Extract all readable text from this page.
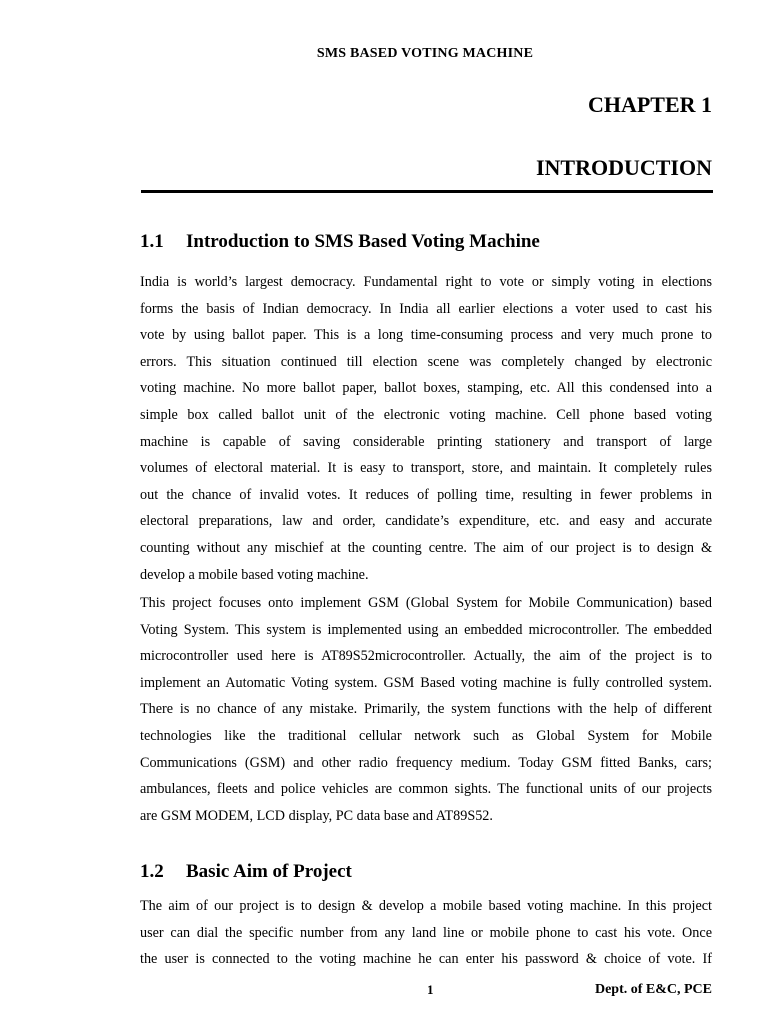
SMS BASED VOTING MACHINE
CHAPTER 1
INTRODUCTION
1.1 Introduction to SMS Based Voting Machine
India is world’s largest democracy. Fundamental right to vote or simply voting in elections
forms the basis of Indian democracy. In India all earlier elections a voter used to cast his
vote by using ballot paper. This is a long time-consuming process and very much prone to
errors. This situation continued till election scene was completely changed by electronic
voting machine. No more ballot paper, ballot boxes, stamping, etc. All this condensed into a
simple box called ballot unit of the electronic voting machine. Cell phone based voting
machine is capable of saving considerable printing stationery and transport of large
volumes of electoral material. It is easy to transport, store, and maintain. It completely rules
out the chance of invalid votes. It reduces of polling time, resulting in fewer problems in
electoral preparations, law and order, candidate’s expenditure, etc. and easy and accurate
counting without any mischief at the counting centre. The aim of our project is to design &
develop a mobile based voting machine.
This project focuses onto implement GSM (Global System for Mobile Communication) based
Voting System. This system is implemented using an embedded microcontroller. The embedded
microcontroller used here is AT89S52microcontroller. Actually, the aim of the project is to
implement an Automatic Voting system. GSM Based voting machine is fully controlled system.
There is no chance of any mistake. Primarily, the system functions with the help of different
technologies like the traditional cellular network such as Global System for Mobile
Communications (GSM) and other radio frequency medium. Today GSM fitted Banks, cars;
ambulances, fleets and police vehicles are common sights. The functional units of our projects
are GSM MODEM, LCD display, PC data base and AT89S52.
1.2 Basic Aim of Project
The aim of our project is to design & develop a mobile based voting machine. In this project
user can dial the specific number from any land line or mobile phone to cast his vote. Once
the user is connected to the voting machine he can enter his password & choice of vote. If
1	Dept. of E&C, PCE
